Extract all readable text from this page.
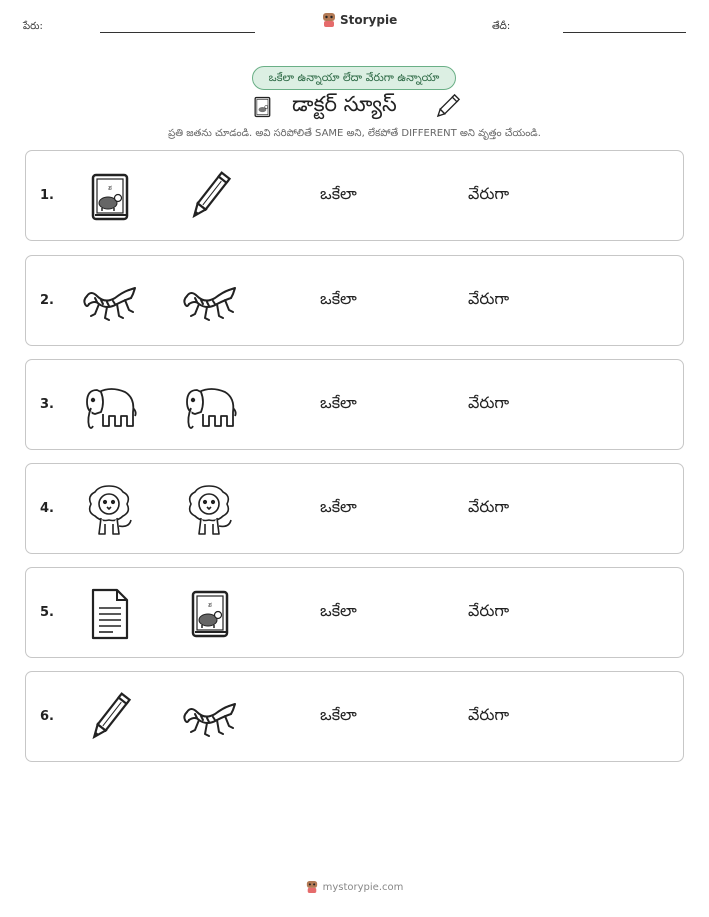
పేరు:	Storypie	తేదీ:
ఒకేలా ఉన్నాయా లేదా వేరుగా ఉన్నాయా
డాక్టర్ స్యూస్
ప్రతి జతను చూడండి. అవి సరిపోలితే SAME అని, లేకపోతే DIFFERENT అని వృత్తం చేయండి.
1.	ఒకేలా	వేరుగా
2.	ఒకేలా	వేరుగా
3.	ఒకేలా	వేరుగా
4.	ఒకేలా	వేరుగా
5.	ఒకేలా	వేరుగా
6.	ఒకేలా	వేరుగా
mystorypie.com
